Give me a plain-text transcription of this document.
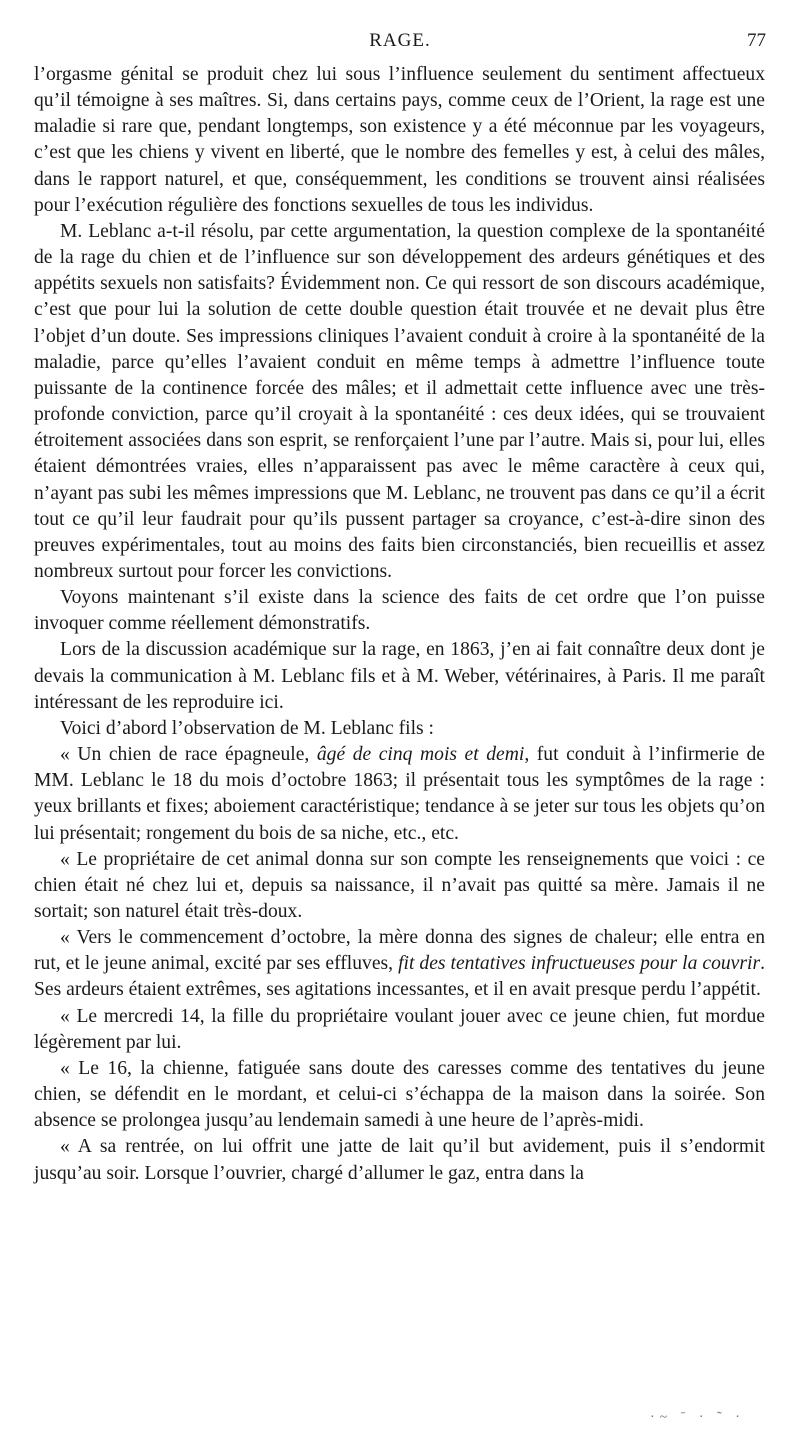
RAGE.	77

l’orgasme génital se produit chez lui sous l’influence seulement du sentiment affectueux qu’il témoigne à ses maîtres. Si, dans certains pays, comme ceux de l’Orient, la rage est une maladie si rare que, pendant longtemps, son existence y a été méconnue par les voyageurs, c’est que les chiens y vivent en liberté, que le nombre des femelles y est, à celui des mâles, dans le rapport naturel, et que, conséquemment, les conditions se trouvent ainsi réalisées pour l’exécution régulière des fonctions sexuelles de tous les individus.

M. Leblanc a-t-il résolu, par cette argumentation, la question complexe de la spontanéité de la rage du chien et de l’influence sur son développement des ardeurs génétiques et des appétits sexuels non satisfaits? Évidemment non. Ce qui ressort de son discours académique, c’est que pour lui la solution de cette double question était trouvée et ne devait plus être l’objet d’un doute. Ses impressions cliniques l’avaient conduit à croire à la spontanéité de la maladie, parce qu’elles l’avaient conduit en même temps à admettre l’influence toute puissante de la continence forcée des mâles; et il admettait cette influence avec une très-profonde conviction, parce qu’il croyait à la spontanéité : ces deux idées, qui se trouvaient étroitement associées dans son esprit, se renforçaient l’une par l’autre. Mais si, pour lui, elles étaient démontrées vraies, elles n’apparaissent pas avec le même caractère à ceux qui, n’ayant pas subi les mêmes impressions que M. Leblanc, ne trouvent pas dans ce qu’il a écrit tout ce qu’il leur faudrait pour qu’ils pussent partager sa croyance, c’est-à-dire sinon des preuves expérimentales, tout au moins des faits bien circonstanciés, bien recueillis et assez nombreux surtout pour forcer les convictions.

Voyons maintenant s’il existe dans la science des faits de cet ordre que l’on puisse invoquer comme réellement démonstratifs.

Lors de la discussion académique sur la rage, en 1863, j’en ai fait connaître deux dont je devais la communication à M. Leblanc fils et à M. Weber, vétérinaires, à Paris. Il me paraît intéressant de les reproduire ici.

Voici d’abord l’observation de M. Leblanc fils :

« Un chien de race épagneule, âgé de cinq mois et demi, fut conduit à l’infirmerie de MM. Leblanc le 18 du mois d’octobre 1863; il présentait tous les symptômes de la rage : yeux brillants et fixes; aboiement caractéristique; tendance à se jeter sur tous les objets qu’on lui présentait; rongement du bois de sa niche, etc., etc.

« Le propriétaire de cet animal donna sur son compte les renseignements que voici : ce chien était né chez lui et, depuis sa naissance, il n’avait pas quitté sa mère. Jamais il ne sortait; son naturel était très-doux.

« Vers le commencement d’octobre, la mère donna des signes de chaleur; elle entra en rut, et le jeune animal, excité par ses effluves, fit des tentatives infructueuses pour la couvrir. Ses ardeurs étaient extrêmes, ses agitations incessantes, et il en avait presque perdu l’appétit.

« Le mercredi 14, la fille du propriétaire voulant jouer avec ce jeune chien, fut mordue légèrement par lui.

« Le 16, la chienne, fatiguée sans doute des caresses comme des tentatives du jeune chien, se défendit en le mordant, et celui-ci s’échappa de la maison dans la soirée. Son absence se prolongea jusqu’au lendemain samedi à une heure de l’après-midi.

« A sa rentrée, on lui offrit une jatte de lait qu’il but avidement, puis il s’endormit jusqu’au soir. Lorsque l’ouvrier, chargé d’allumer le gaz, entra dans la

·~ ˉ · ˜ ·
